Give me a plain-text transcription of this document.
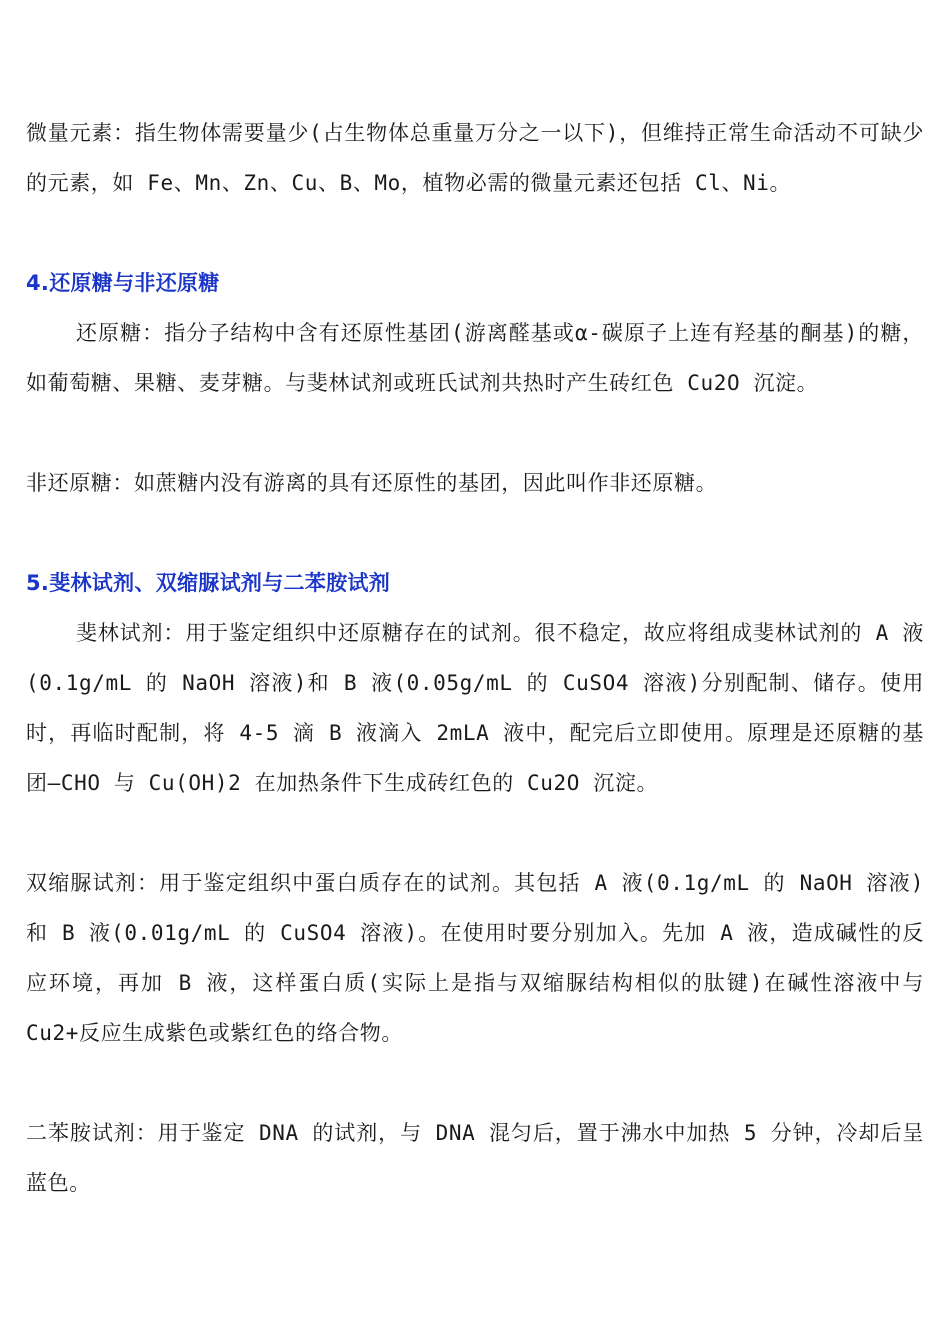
微量元素：指生物体需要量少(占生物体总重量万分之一以下)，但维持正常生命活动不可缺少的元素，如 Fe、Mn、Zn、Cu、B、Mo，植物必需的微量元素还包括 Cl、Ni。

4.还原糖与非还原糖

还原糖：指分子结构中含有还原性基团(游离醛基或α-碳原子上连有羟基的酮基)的糖，如葡萄糖、果糖、麦芽糖。与斐林试剂或班氏试剂共热时产生砖红色 Cu2O 沉淀。

非还原糖：如蔗糖内没有游离的具有还原性的基团，因此叫作非还原糖。

5.斐林试剂、双缩脲试剂与二苯胺试剂

斐林试剂：用于鉴定组织中还原糖存在的试剂。很不稳定，故应将组成斐林试剂的 A 液(0.1g/mL 的 NaOH 溶液)和 B 液(0.05g/mL 的 CuSO4 溶液)分别配制、储存。使用时，再临时配制，将 4-5 滴 B 液滴入 2mLA 液中，配完后立即使用。原理是还原糖的基团—CHO 与 Cu(OH)2 在加热条件下生成砖红色的 Cu2O 沉淀。

双缩脲试剂：用于鉴定组织中蛋白质存在的试剂。其包括 A 液(0.1g/mL 的 NaOH 溶液)和 B 液(0.01g/mL 的 CuSO4 溶液)。在使用时要分别加入。先加 A 液，造成碱性的反应环境，再加 B 液，这样蛋白质(实际上是指与双缩脲结构相似的肽键)在碱性溶液中与 Cu2+反应生成紫色或紫红色的络合物。

二苯胺试剂：用于鉴定 DNA 的试剂，与 DNA 混匀后，置于沸水中加热 5 分钟，冷却后呈蓝色。
